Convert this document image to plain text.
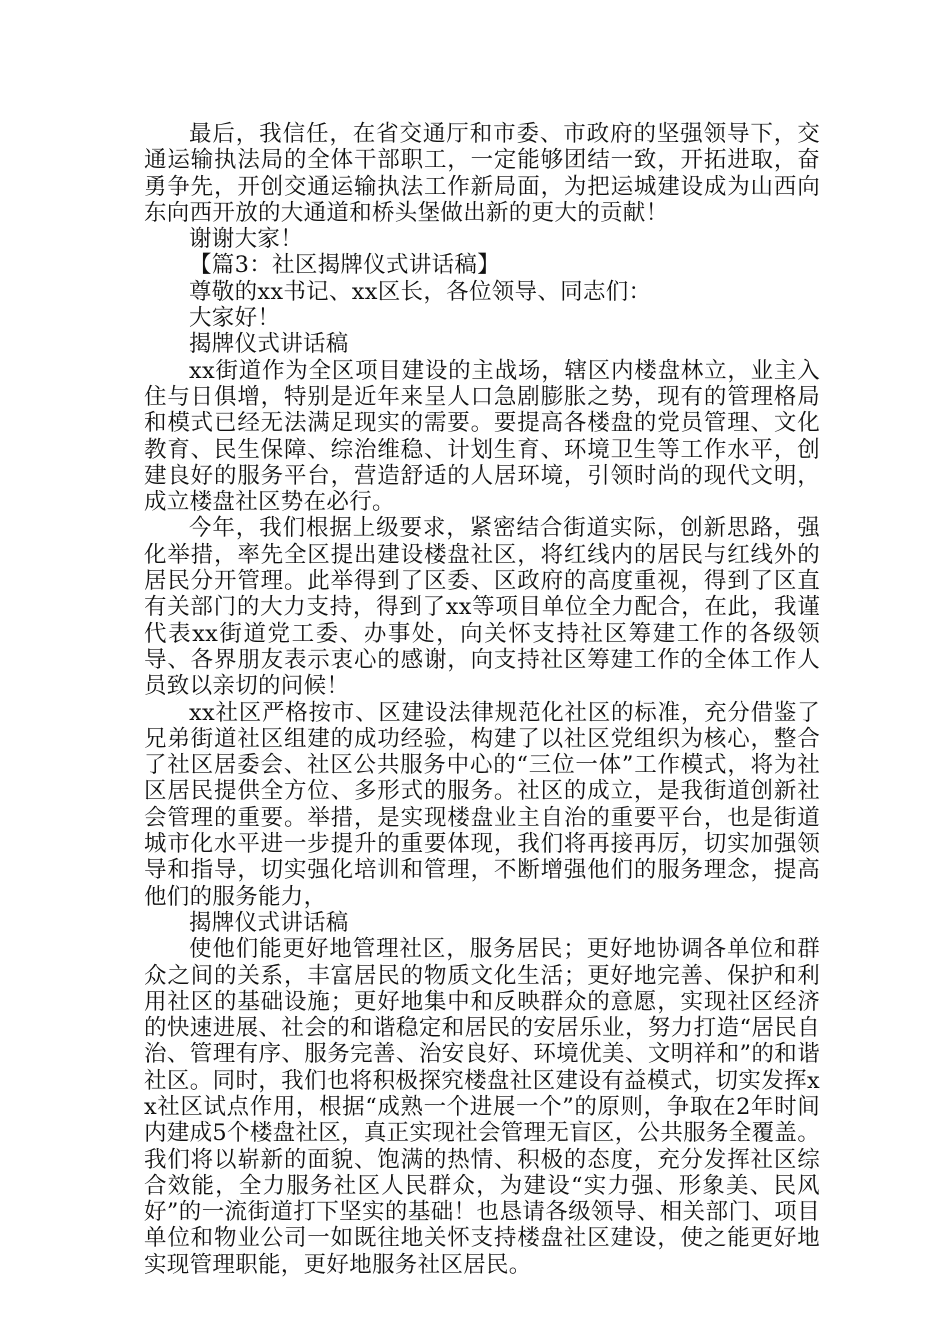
最后，我信任，在省交通厅和市委、市政府的坚强领导下，交通运输执法局的全体干部职工，一定能够团结一致，开拓进取，奋勇争先，开创交通运输执法工作新局面，为把运城建设成为山西向东向西开放的大通道和桥头堡做出新的更大的贡献！

谢谢大家！

【篇3：社区揭牌仪式讲话稿】

尊敬的xx书记、xx区长，各位领导、同志们：

大家好！

揭牌仪式讲话稿

xx街道作为全区项目建设的主战场，辖区内楼盘林立，业主入住与日俱增，特别是近年来呈人口急剧膨胀之势，现有的管理格局和模式已经无法满足现实的需要。要提高各楼盘的党员管理、文化教育、民生保障、综治维稳、计划生育、环境卫生等工作水平，创建良好的服务平台，营造舒适的人居环境，引领时尚的现代文明，成立楼盘社区势在必行。

今年，我们根据上级要求，紧密结合街道实际，创新思路，强化举措，率先全区提出建设楼盘社区，将红线内的居民与红线外的居民分开管理。此举得到了区委、区政府的高度重视，得到了区直有关部门的大力支持，得到了xx等项目单位全力配合，在此，我谨代表xx街道党工委、办事处，向关怀支持社区筹建工作的各级领导、各界朋友表示衷心的感谢，向支持社区筹建工作的全体工作人员致以亲切的问候！

xx社区严格按市、区建设法律规范化社区的标准，充分借鉴了兄弟街道社区组建的成功经验，构建了以社区党组织为核心，整合了社区居委会、社区公共服务中心的“三位一体”工作模式，将为社区居民提供全方位、多形式的服务。社区的成立，是我街道创新社会管理的重要。举措，是实现楼盘业主自治的重要平台，也是街道城市化水平进一步提升的重要体现，我们将再接再厉，切实加强领导和指导，切实强化培训和管理，不断增强他们的服务理念，提高他们的服务能力，

揭牌仪式讲话稿

使他们能更好地管理社区，服务居民；更好地协调各单位和群众之间的关系，丰富居民的物质文化生活；更好地完善、保护和利用社区的基础设施；更好地集中和反映群众的意愿，实现社区经济的快速进展、社会的和谐稳定和居民的安居乐业，努力打造“居民自治、管理有序、服务完善、治安良好、环境优美、文明祥和”的和谐社区。同时，我们也将积极探究楼盘社区建设有益模式，切实发挥xx社区试点作用，根据“成熟一个进展一个”的原则，争取在2年时间内建成5个楼盘社区，真正实现社会管理无盲区，公共服务全覆盖。我们将以崭新的面貌、饱满的热情、积极的态度，充分发挥社区综合效能，全力服务社区人民群众，为建设“实力强、形象美、民风好”的一流街道打下坚实的基础！也恳请各级领导、相关部门、项目单位和物业公司一如既往地关怀支持楼盘社区建设，使之能更好地实现管理职能，更好地服务社区居民。
